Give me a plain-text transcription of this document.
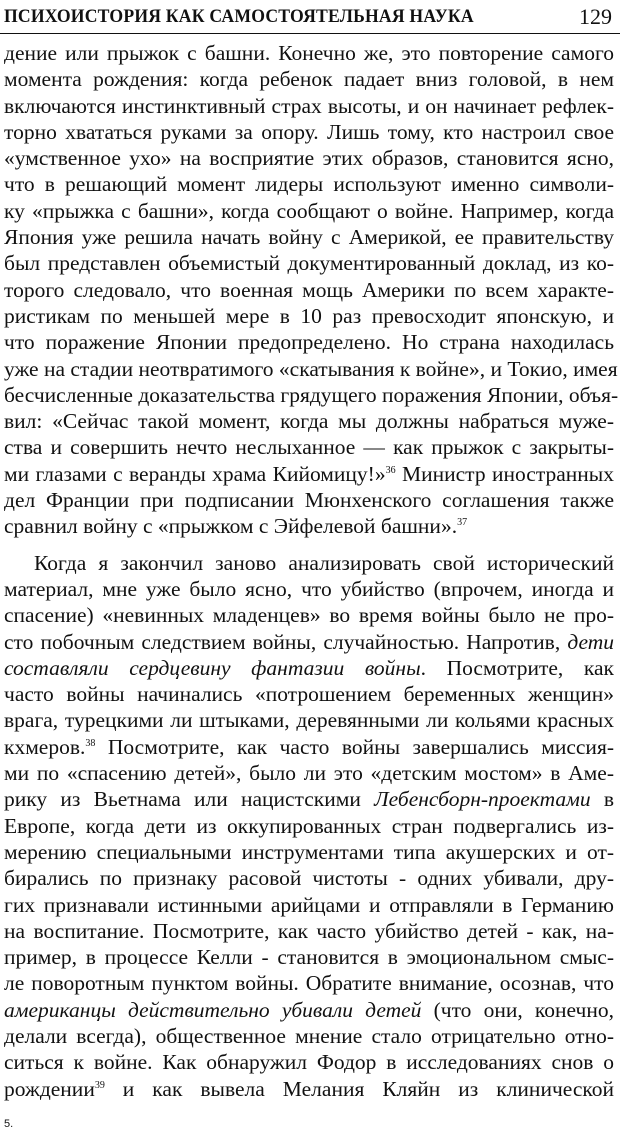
ПСИХОИСТОРИЯ КАК САМОСТОЯТЕЛЬНАЯ НАУКА	129
дение или прыжок с башни. Конечно же, это повторение самого
момента рождения: когда ребенок падает вниз головой, в нем
включаются инстинктивный страх высоты, и он начинает рефлек-
торно хвататься руками за опору. Лишь тому, кто настроил свое
«умственное ухо» на восприятие этих образов, становится ясно,
что в решающий момент лидеры используют именно символи-
ку «прыжка с башни», когда сообщают о войне. Например, когда
Япония уже решила начать войну с Америкой, ее правительству
был представлен объемистый документированный доклад, из ко-
торого следовало, что военная мощь Америки по всем характе-
ристикам по меньшей мере в 10 раз превосходит японскую, и
что поражение Японии предопределено. Но страна находилась
уже на стадии неотвратимого «скатывания к войне», и Токио, имея
бесчисленные доказательства грядущего поражения Японии, объя-
вил: «Сейчас такой момент, когда мы должны набраться муже-
ства и совершить нечто неслыханное — как прыжок с закрыты-
ми глазами с веранды храма Кийомицу!»$^{36}$ Министр иностранных
дел Франции при подписании Мюнхенского соглашения также
сравнил войну с «прыжком с Эйфелевой башни».$^{37}$
Когда я закончил заново анализировать свой исторический
материал, мне уже было ясно, что убийство (впрочем, иногда и
спасение) «невинных младенцев» во время войны было не про-
сто побочным следствием войны, случайностью. Напротив, дети
составляли сердцевину фантазии войны. Посмотрите, как
часто войны начинались «потрошением беременных женщин»
врага, турецкими ли штыками, деревянными ли кольями красных
кхмеров.$^{38}$ Посмотрите, как часто войны завершались миссия-
ми по «спасению детей», было ли это «детским мостом» в Аме-
рику из Вьетнама или нацистскими Лебенсборн-проектами в
Европе, когда дети из оккупированных стран подвергались из-
мерению специальными инструментами типа акушерских и от-
бирались по признаку расовой чистоты - одних убивали, дру-
гих признавали истинными арийцами и отправляли в Германию
на воспитание. Посмотрите, как часто убийство детей - как, на-
пример, в процессе Келли - становится в эмоциональном смыс-
ле поворотным пунктом войны. Обратите внимание, осознав, что
американцы действительно убивали детей (что они, конечно,
делали всегда), общественное мнение стало отрицательно отно-
ситься к войне. Как обнаружил Фодор в исследованиях снов о
рождении$^{39}$ и как вывела Мелания Кляйн из клинической
5.
